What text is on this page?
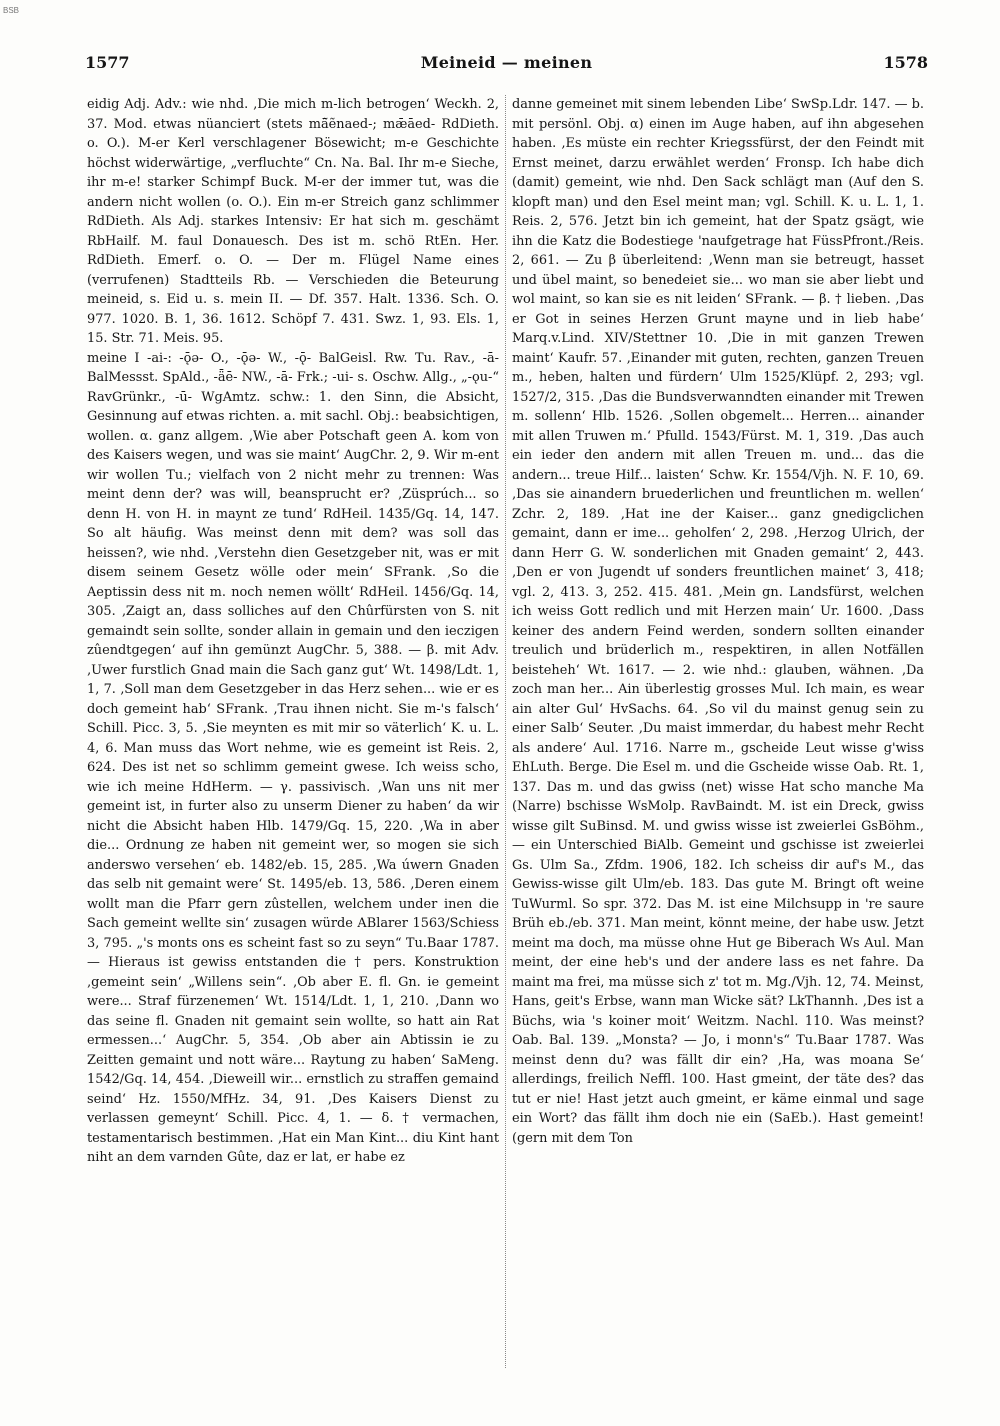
BSB
1577	Meineid — meinen	1578

eidig Adj. Adv.: wie nhd. ‚Die mich m-lich betrogen‘ Weckh. 2, 37. Mod. etwas nüanciert (stets mā̃ẽnaed-; mǣāed- RdDieth. o. O.). M-er Kerl verschlagener Bösewicht; m-e Geschichte höchst widerwärtige, „verfluchte“ Cn. Na. Bal. Ihr m-e Sieche, ihr m-e! starker Schimpf Buck. M-er der immer tut, was die andern nicht wollen (o. O.). Ein m-er Streich ganz schlimmer RdDieth. Als Adj. starkes Intensiv: Er hat sich m. geschämt RbHailf. M. faul Donauesch. Des ist m. schö RtEn. Her. RdDieth. Emerf. o. O. — Der m. Flügel Name eines (verrufenen) Stadtteils Rb. — Verschieden die Beteurung meineid, s. Eid u. s. mein II. — Df. 357. Halt. 1336. Sch. O. 977. 1020. B. 1, 36. 1612. Schöpf 7. 431. Swz. 1, 93. Els. 1, 15. Str. 71. Meis. 95.

meine I -ai-: -ǭə- O., -ǭə- W., -ǭ- BalGeisl. Rw. Tu. Rav., -ā- BalMessst. SpAld., -ǟē- NW., -ā- Frk.; -ui- s. Oschw. Allg., „-ǫu-“ RavGrünkr., -ū- WgAmtz. schw.: 1. den Sinn, die Absicht, Gesinnung auf etwas richten. a. mit sachl. Obj.: beabsichtigen, wollen. α. ganz allgem. ‚Wie aber Potschaft geen A. kom von des Kaisers wegen, und was sie maint‘ AugChr. 2, 9. Wir m-ent wir wollen Tu.; vielfach von 2 nicht mehr zu trennen: Was meint denn der? was will, beansprucht er? ‚Züsprúch... so denn H. von H. in maynt ze tund‘ RdHeil. 1435/Gq. 14, 147. So alt häufig. Was meinst denn mit dem? was soll das heissen?, wie nhd. ‚Verstehn dien Gesetzgeber nit, was er mit disem seinem Gesetz wölle oder mein‘ SFrank. ‚So die Aeptissin dess nit m. noch nemen wöllt‘ RdHeil. 1456/Gq. 14, 305. ‚Zaigt an, dass solliches auf den Chûrfürsten von S. nit gemaindt sein sollte, sonder allain in gemain und den ieczigen zûendtgegen‘ auf ihn gemünzt AugChr. 5, 388. — β. mit Adv. ‚Uwer furstlich Gnad main die Sach ganz gut‘ Wt. 1498/Ldt. 1, 1, 7. ‚Soll man dem Gesetzgeber in das Herz sehen... wie er es doch gemeint hab‘ SFrank. ‚Trau ihnen nicht. Sie m-'s falsch‘ Schill. Picc. 3, 5. ‚Sie meynten es mit mir so väterlich‘ K. u. L. 4, 6. Man muss das Wort nehme, wie es gemeint ist Reis. 2, 624. Des ist net so schlimm gemeint gwese. Ich weiss scho, wie ich meine HdHerm. — γ. passivisch. ‚Wan uns nit mer gemeint ist, in furter also zu unserm Diener zu haben‘ da wir nicht die Absicht haben Hlb. 1479/Gq. 15, 220. ‚Wa in aber die... Ordnung ze haben nit gemeint wer, so mogen sie sich anderswo versehen‘ eb. 1482/eb. 15, 285. ‚Wa úwern Gnaden das selb nit gemaint were‘ St. 1495/eb. 13, 586. ‚Deren einem wollt man die Pfarr gern zûstellen, welchem under inen die Sach gemeint wellte sin‘ zusagen würde ABlarer 1563/Schiess 3, 795. „'s monts ons es scheint fast so zu seyn“ Tu.Baar 1787. — Hieraus ist gewiss entstanden die † pers. Konstruktion ‚gemeint sein‘ „Willens sein“. ‚Ob aber E. fl. Gn. ie gemeint were... Straf fürzenemen‘ Wt. 1514/Ldt. 1, 1, 210. ‚Dann wo das seine fl. Gnaden nit gemaint sein wollte, so hatt ain Rat ermessen...‘ AugChr. 5, 354. ‚Ob aber ain Abtissin ie zu Zeitten gemaint und nott wäre... Raytung zu haben‘ SaMeng. 1542/Gq. 14, 454. ‚Dieweill wir... ernstlich zu straffen gemaind seind‘ Hz. 1550/MfHz. 34, 91. ‚Des Kaisers Dienst zu verlassen gemeynt‘ Schill. Picc. 4, 1. — δ. † vermachen, testamentarisch bestimmen. ‚Hat ein Man Kint... diu Kint hant niht an dem varnden Gûte, daz er lat, er habe ez

danne gemeinet mit sinem lebenden Libe‘ SwSp.Ldr. 147. — b. mit persönl. Obj. α) einen im Auge haben, auf ihn abgesehen haben. ‚Es müste ein rechter Kriegssfürst, der den Feindt mit Ernst meinet, darzu erwählet werden‘ Fronsp. Ich habe dich (damit) gemeint, wie nhd. Den Sack schlägt man (Auf den S. klopft man) und den Esel meint man; vgl. Schill. K. u. L. 1, 1. Reis. 2, 576. Jetzt bin ich gemeint, hat der Spatz gsägt, wie ihn die Katz die Bodestiege 'naufgetrage hat FüssPfront./Reis. 2, 661. — Zu β überleitend: ‚Wenn man sie betreugt, hasset und übel maint, so benedeiet sie... wo man sie aber liebt und wol maint, so kan sie es nit leiden‘ SFrank. — β. † lieben. ‚Das er Got in seines Herzen Grunt mayne und in lieb habe‘ Marq.v.Lind. XIV/Stettner 10. ‚Die in mit ganzen Trewen maint‘ Kaufr. 57. ‚Einander mit guten, rechten, ganzen Treuen m., heben, halten und fürdern‘ Ulm 1525/Klüpf. 2, 293; vgl. 1527/2, 315. ‚Das die Bundsverwanndten einander mit Trewen m. sollenn‘ Hlb. 1526. ‚Sollen obgemelt... Herren... ainander mit allen Truwen m.‘ Pfulld. 1543/Fürst. M. 1, 319. ‚Das auch ein ieder den andern mit allen Treuen m. und... das die andern... treue Hilf... laisten‘ Schw. Kr. 1554/Vjh. N. F. 10, 69. ‚Das sie ainandern bruederlichen und freuntlichen m. wellen‘ Zchr. 2, 189. ‚Hat ine der Kaiser... ganz gnedigclichen gemaint, dann er ime... geholfen‘ 2, 298. ‚Herzog Ulrich, der dann Herr G. W. sonderlichen mit Gnaden gemaint‘ 2, 443. ‚Den er von Jugendt uf sonders freuntlichen mainet‘ 3, 418; vgl. 2, 413. 3, 252. 415. 481. ‚Mein gn. Landsfürst, welchen ich weiss Gott redlich und mit Herzen main‘ Ur. 1600. ‚Dass keiner des andern Feind werden, sondern sollten einander treulich und brüderlich m., respektiren, in allen Notfällen beisteheh‘ Wt. 1617. — 2. wie nhd.: glauben, wähnen. ‚Da zoch man her... Ain überlestig grosses Mul. Ich main, es wear ain alter Gul‘ HvSachs. 64. ‚So vil du mainst genug sein zu einer Salb‘ Seuter. ‚Du maist immerdar, du habest mehr Recht als andere‘ Aul. 1716. Narre m., gscheide Leut wisse g'wiss EhLuth. Berge. Die Esel m. und die Gscheide wisse Oab. Rt. 1, 137. Das m. und das gwiss (net) wisse Hat scho manche Ma (Narre) bschisse WsMolp. RavBaindt. M. ist ein Dreck, gwiss wisse gilt SuBinsd. M. und gwiss wisse ist zweierlei GsBöhm., — ein Unterschied BiAlb. Gemeint und gschisse ist zweierlei Gs. Ulm Sa., Zfdm. 1906, 182. Ich scheiss dir auf's M., das Gewiss-wisse gilt Ulm/eb. 183. Das gute M. Bringt oft weine TuWurml. So spr. 372. Das M. ist eine Milchsupp in 're saure Brüh eb./eb. 371. Man meint, könnt meine, der habe usw. Jetzt meint ma doch, ma müsse ohne Hut ge Biberach Ws Aul. Man meint, der eine heb's und der andere lass es net fahre. Da maint ma frei, ma müsse sich z' tot m. Mg./Vjh. 12, 74. Meinst, Hans, geit's Erbse, wann man Wicke sät? LkThannh. ‚Des ist a Büchs, wia 's koiner moit‘ Weitzm. Nachl. 110. Was meinst? Oab. Bal. 139. „Monsta? — Jo, i monn's“ Tu.Baar 1787. Was meinst denn du? was fällt dir ein? ‚Ha, was moana Se‘ allerdings, freilich Neffl. 100. Hast gmeint, der täte des? das tut er nie! Hast jetzt auch gmeint, er käme einmal und sage ein Wort? das fällt ihm doch nie ein (SaEb.). Hast gemeint! (gern mit dem Ton
